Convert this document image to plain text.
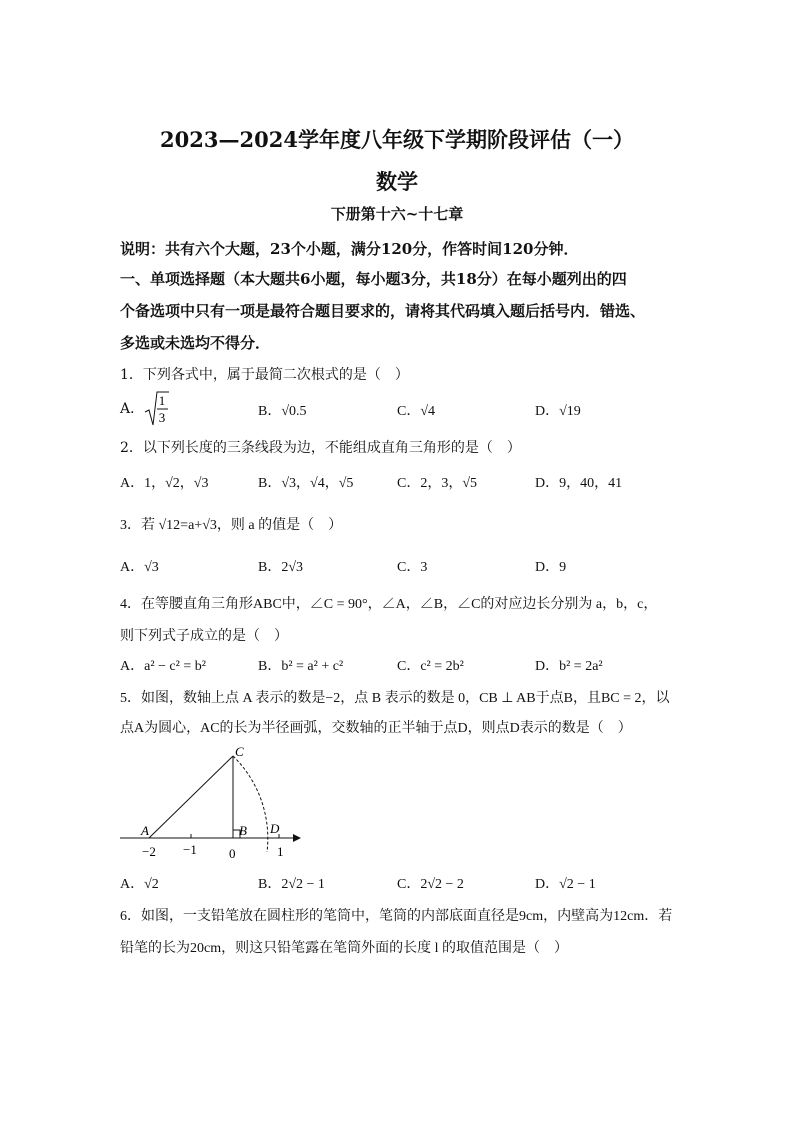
2023—2024学年度八年级下学期阶段评估（一）
数学
下册第十六~十七章
说明：共有六个大题，23个小题，满分120分，作答时间120分钟．
一、单项选择题（本大题共6小题，每小题3分，共18分）在每小题列出的四
个备选项中只有一项是最符合题目要求的，请将其代码填入题后括号内．错选、
多选或未选均不得分．
1．下列各式中，属于最简二次根式的是（　）
A．
1
3	B．√0.5	C．√4	D．√19
2．以下列长度的三条线段为边，不能组成直角三角形的是（　）
A．1，√2，√3	B．√3，√4，√5	C．2，3，√5	D．9，40，41
3．若 √12=a+√3，则 a 的值是（　）
A．√3	B．2√3	C．3	D．9
4．在等腰直角三角形ABC中，∠C = 90°，∠A，∠B，∠C的对应边长分别为 a，b，c，
则下列式子成立的是（　）
A．a² − c² = b²	B．b² = a² + c²	C．c² = 2b²	D．b² = 2a²
5．如图，数轴上点 A 表示的数是−2，点 B 表示的数是 0，CB ⊥ AB于点B，且BC = 2，以
点A为圆心，AC的长为半径画弧，交数轴的正半轴于点D，则点D表示的数是（　）
A	B
C
D
−2 −1 0	1
A．√2	B．2√2 − 1	C．2√2 − 2	D．√2 − 1
6．如图，一支铅笔放在圆柱形的笔筒中，笔筒的内部底面直径是9cm，内壁高为12cm．若
铅笔的长为20cm，则这只铅笔露在笔筒外面的长度 l 的取值范围是（　）
